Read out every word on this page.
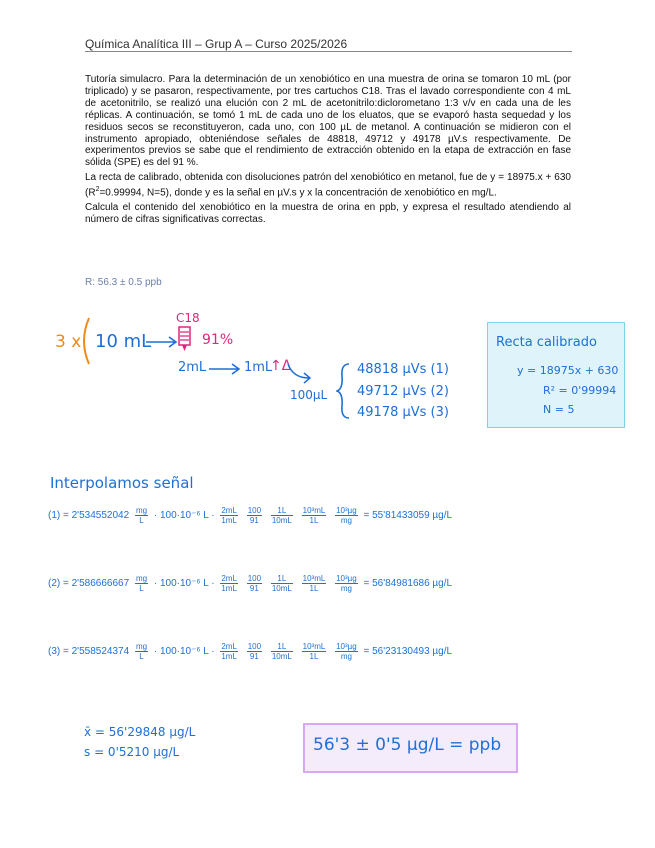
Química Analítica III – Grup A – Curso 2025/2026

Tutoría simulacro. Para la determinación de un xenobiótico en una muestra de orina se tomaron 10 mL (por triplicado) y se pasaron, respectivamente, por tres cartuchos C18. Tras el lavado correspondiente con 4 mL de acetonitrilo, se realizó una elución con 2 mL de acetonitrilo:diclorometano 1:3 v/v en cada una de les réplicas. A continuación, se tomó 1 mL de cada uno de los eluatos, que se evaporó hasta sequedad y los residuos secos se reconstituyeron, cada uno, con 100 µL de metanol. A continuación se midieron con el instrumento apropiado, obteniéndose señales de 48818, 49712 y 49178 µV.s respectivamente. De experimentos previos se sabe que el rendimiento de extracción obtenido en la etapa de extracción en fase sólida (SPE) es del 91 %.

La recta de calibrado, obtenida con disoluciones patrón del xenobiótico en metanol, fue de y = 18975.x + 630 ($R^2=0.99994$, N=5), donde y es la señal en µV.s y x la concentración de xenobiótico en mg/L.

Calcula el contenido del xenobiótico en la muestra de orina en ppb, y expresa el resultado atendiendo al número de cifras significativas correctas.

R: 56.3 ± 0.5 ppb
3 x 10 mL
C18
91%
2mL	1mL
↑Δ
100µL
48818 µVs (1)
49712 µVs (2)
49178 µVs (3)
Recta calibrado
y = 18975x + 630
R² = 0'99994
N = 5
Interpolamos señal
$(1) = 2'534552042 \frac{mg}{L} \cdot 100\cdot 10^{-6}$ $L \cdot \frac{2mL}{1mL}$
$\frac{100}{91}$
$\frac{1L}{10mL}$
$\frac{\text{10³mL}}{1L}$
$\frac{\text{10³µg}}{mg} = 55'81433059$ µg/L
$(2) = 2'586666667 \frac{mg}{L} \cdot 100\cdot 10^{-6}$ $L \cdot \frac{2mL}{1mL}$
$\frac{100}{91}$
$\frac{1L}{10mL}$
$\frac{\text{10³mL}}{1L}$
$\frac{\text{10³µg}}{mg} = 56'84981686$ µg/L
$(3) = 2'558524374 \frac{mg}{L} \cdot 100\cdot 10^{-6}$ $L \cdot \frac{2mL}{1mL}$
$\frac{100}{91}$
$\frac{1L}{10mL}$
$\frac{\text{10³mL}}{1L}$
$\frac{\text{10³µg}}{mg} = 56'23130493$ µg/L
x̄ = 56'29848 µg/L
s = 0'5210 µg/L	56'3 ± 0'5 µg/L = ppb
